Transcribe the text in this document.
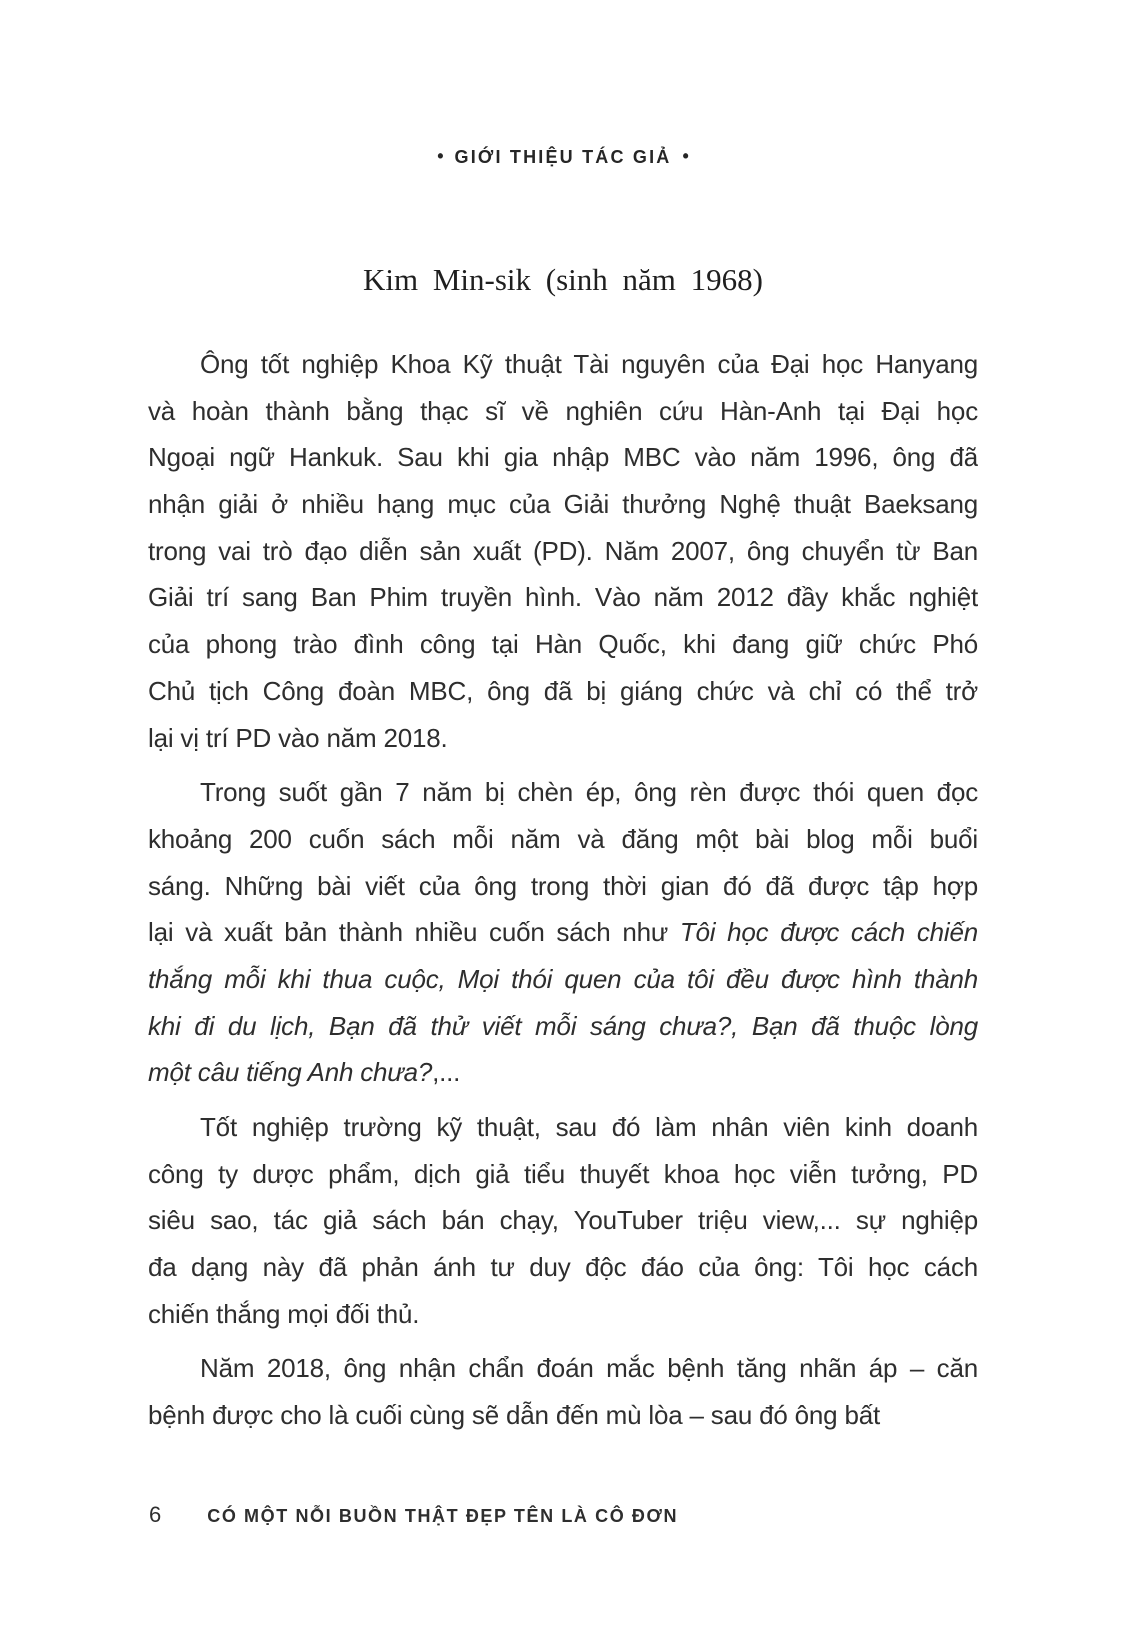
• GIỚI THIỆU TÁC GIẢ •
Kim Min-sik (sinh năm 1968)
Ông tốt nghiệp Khoa Kỹ thuật Tài nguyên của Đại học Hanyang
và hoàn thành bằng thạc sĩ về nghiên cứu Hàn-Anh tại Đại học
Ngoại ngữ Hankuk. Sau khi gia nhập MBC vào năm 1996, ông đã
nhận giải ở nhiều hạng mục của Giải thưởng Nghệ thuật Baeksang
trong vai trò đạo diễn sản xuất (PD). Năm 2007, ông chuyển từ Ban
Giải trí sang Ban Phim truyền hình. Vào năm 2012 đầy khắc nghiệt
của phong trào đình công tại Hàn Quốc, khi đang giữ chức Phó
Chủ tịch Công đoàn MBC, ông đã bị giáng chức và chỉ có thể trở
lại vị trí PD vào năm 2018.
Trong suốt gần 7 năm bị chèn ép, ông rèn được thói quen đọc
khoảng 200 cuốn sách mỗi năm và đăng một bài blog mỗi buổi
sáng. Những bài viết của ông trong thời gian đó đã được tập hợp
lại và xuất bản thành nhiều cuốn sách như Tôi học được cách chiến
thắng mỗi khi thua cuộc, Mọi thói quen của tôi đều được hình thành
khi đi du lịch, Bạn đã thử viết mỗi sáng chưa?, Bạn đã thuộc lòng
một câu tiếng Anh chưa?,...
Tốt nghiệp trường kỹ thuật, sau đó làm nhân viên kinh doanh
công ty dược phẩm, dịch giả tiểu thuyết khoa học viễn tưởng, PD
siêu sao, tác giả sách bán chạy, YouTuber triệu view,... sự nghiệp
đa dạng này đã phản ánh tư duy độc đáo của ông: Tôi học cách
chiến thắng mọi đối thủ.
Năm 2018, ông nhận chẩn đoán mắc bệnh tăng nhãn áp – căn
bệnh được cho là cuối cùng sẽ dẫn đến mù lòa – sau đó ông bất
6	CÓ MỘT NỖI BUỒN THẬT ĐẸP TÊN LÀ CÔ ĐƠN
